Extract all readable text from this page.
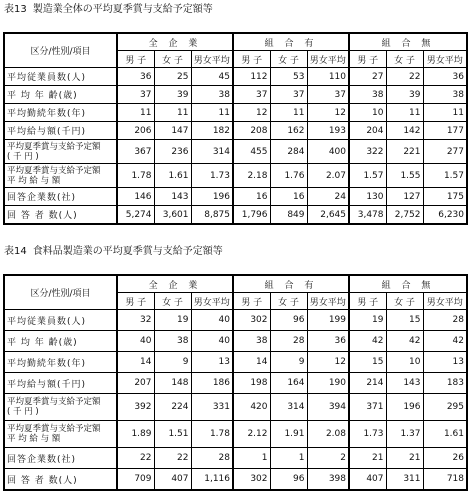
表13 製造業全体の平均夏季賞与支給予定額等
区分/性別/項目	全 企 業			組 合 有			組 合 無		
	男 子	女 子	男女平均	男 子	女 子	男女平均	男 子	女 子	男女平均
平均従業員数(人)	36	25	45	112	53	110	27	22	36
平 均 年 齢(歳)	37	39	38	37	37	37	38	39	38
平均勤続年数(年)	11	11	11	12	11	12	10	11	11
平均給与額(千円)	206	147	182	208	162	193	204	142	177
平均夏季賞与支給予定額
( 千 円 )	367	236	314	455	284	400	322	221	277
平均夏季賞与支給予定額
平 均 給 与 額	1.78	1.61	1.73	2.18	1.76	2.07	1.57	1.55	1.57
回答企業数(社)	146	143	196	16	16	24	130	127	175
回 答 者 数(人)	5,274	3,601	8,875	1,796	849	2,645	3,478	2,752	6,230
表14 食料品製造業の平均夏季賞与支給予定額等
区分/性別/項目	全 企 業			組 合 有			組 合 無		
	男 子	女 子	男女平均	男 子	女 子	男女平均	男 子	女 子	男女平均
平均従業員数(人)	32	19	40	302	96	199	19	15	28
平 均 年 齢(歳)	40	38	40	38	28	36	42	42	42
平均勤続年数(年)	14	9	13	14	9	12	15	10	13
平均給与額(千円)	207	148	186	198	164	190	214	143	183
平均夏季賞与支給予定額
( 千 円 )	392	224	331	420	314	394	371	196	295
平均夏季賞与支給予定額
平 均 給 与 額	1.89	1.51	1.78	2.12	1.91	2.08	1.73	1.37	1.61
回答企業数(社)	22	22	28	1	1	2	21	21	26
回 答 者 数(人)	709	407	1,116	302	96	398	407	311	718
